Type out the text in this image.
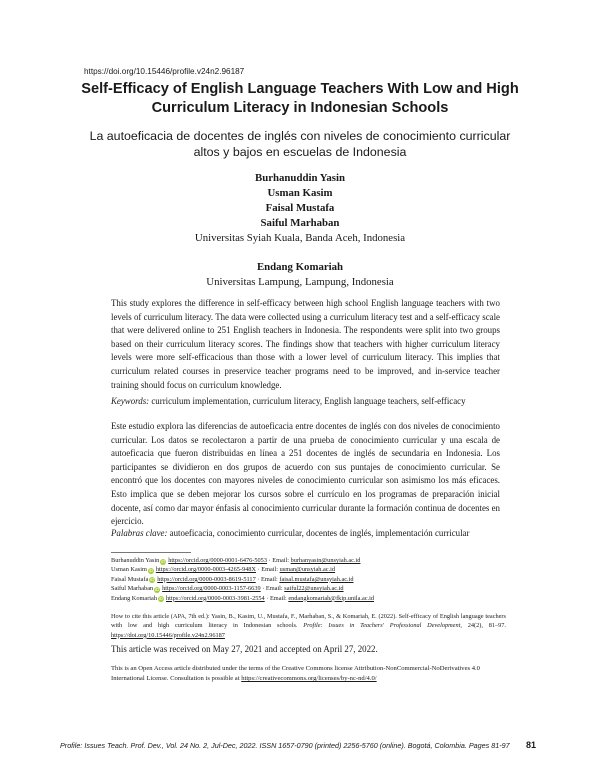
https://doi.org/10.15446/profile.v24n2.96187
Self-Efficacy of English Language Teachers With Low and High Curriculum Literacy in Indonesian Schools
La autoeficacia de docentes de inglés con niveles de conocimiento curricular altos y bajos en escuelas de Indonesia
Burhanuddin Yasin
Usman Kasim
Faisal Mustafa
Saiful Marhaban
Universitas Syiah Kuala, Banda Aceh, Indonesia
Endang Komariah
Universitas Lampung, Lampung, Indonesia
This study explores the difference in self-efficacy between high school English language teachers with two levels of curriculum literacy. The data were collected using a curriculum literacy test and a self-efficacy scale that were delivered online to 251 English teachers in Indonesia. The respondents were split into two groups based on their curriculum literacy scores. The findings show that teachers with higher curriculum literacy levels were more self-efficacious than those with a lower level of curriculum literacy. This implies that curriculum related courses in preservice teacher programs need to be improved, and in-service teacher training should focus on curriculum knowledge.
Keywords: curriculum implementation, curriculum literacy, English language teachers, self-efficacy
Este estudio explora las diferencias de autoeficacia entre docentes de inglés con dos niveles de conocimiento curricular. Los datos se recolectaron a partir de una prueba de conocimiento curricular y una escala de autoeficacia que fueron distribuidas en línea a 251 docentes de inglés de secundaria en Indonesia. Los participantes se dividieron en dos grupos de acuerdo con sus puntajes de conocimiento curricular. Se encontró que los docentes con mayores niveles de conocimiento curricular son asimismo los más eficaces. Esto implica que se deben mejorar los cursos sobre el currículo en los programas de preparación inicial docente, así como dar mayor énfasis al conocimiento curricular durante la formación continua de docentes en ejercicio.
Palabras clave: autoeficacia, conocimiento curricular, docentes de inglés, implementación curricular
Burhanuddin Yasin iD https://orcid.org/0000-0001-6476-5053 · Email: burhanyasin@unsyiah.ac.id
Usman Kasim iD https://orcid.org/0000-0003-4265-948X · Email: usman@unsyiah.ac.id
Faisal Mustafa iD https://orcid.org/0000-0003-8619-5117 · Email: faisal.mustafa@unsyiah.ac.id
Saiful Marhaban iD https://orcid.org/0000-0003-1157-6639 · Email: saiful22@unsyiah.ac.id
Endang Komariah iD https://orcid.org/0000-0003-3981-2554 · Email: endangkomariah@fkip.unila.ac.id
How to cite this article (APA, 7th ed.): Yasin, B., Kasim, U., Mustafa, F., Marhaban, S., & Komariah, E. (2022). Self-efficacy of English language teachers with low and high curriculum literacy in Indonesian schools. Profile: Issues in Teachers' Professional Development, 24(2), 81–97. https://doi.org/10.15446/profile.v24n2.96187
This article was received on May 27, 2021 and accepted on April 27, 2022.
This is an Open Access article distributed under the terms of the Creative Commons license Attribution-NonCommercial-NoDerivatives 4.0 International License. Consultation is possible at https://creativecommons.org/licenses/by-nc-nd/4.0/
Profile: Issues Teach. Prof. Dev., Vol. 24 No. 2, Jul-Dec, 2022. ISSN 1657-0790 (printed) 2256-5760 (online). Bogotá, Colombia. Pages 81-97 81
